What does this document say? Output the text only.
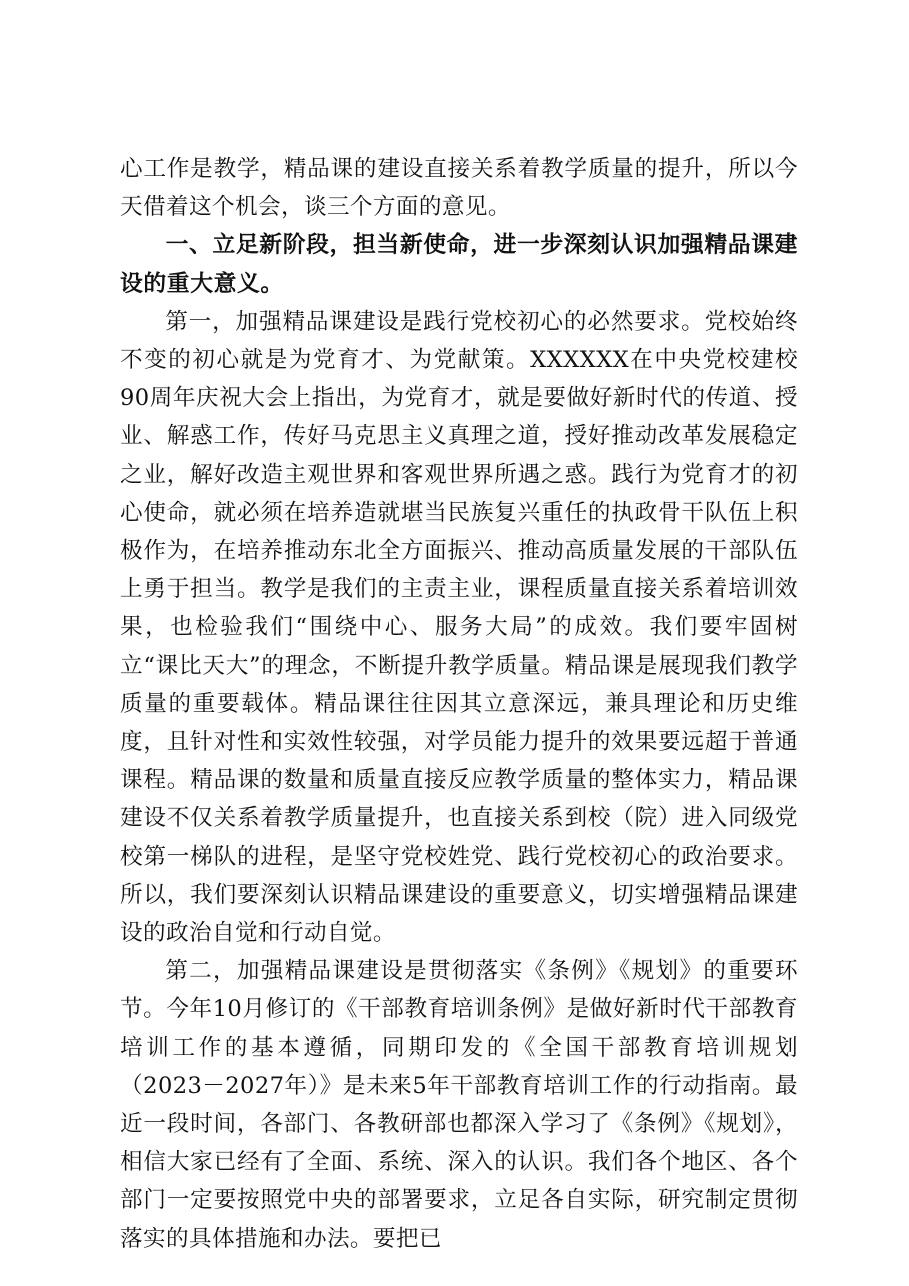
心工作是教学，精品课的建设直接关系着教学质量的提升，所以今天借着这个机会，谈三个方面的意见。

一、立足新阶段，担当新使命，进一步深刻认识加强精品课建设的重大意义。

第一，加强精品课建设是践行党校初心的必然要求。党校始终不变的初心就是为党育才、为党献策。XXXXXX在中央党校建校90周年庆祝大会上指出，为党育才，就是要做好新时代的传道、授业、解惑工作，传好马克思主义真理之道，授好推动改革发展稳定之业，解好改造主观世界和客观世界所遇之惑。践行为党育才的初心使命，就必须在培养造就堪当民族复兴重任的执政骨干队伍上积极作为，在培养推动东北全方面振兴、推动高质量发展的干部队伍上勇于担当。教学是我们的主责主业，课程质量直接关系着培训效果，也检验我们“围绕中心、服务大局”的成效。我们要牢固树立“课比天大”的理念，不断提升教学质量。精品课是展现我们教学质量的重要载体。精品课往往因其立意深远，兼具理论和历史维度，且针对性和实效性较强，对学员能力提升的效果要远超于普通课程。精品课的数量和质量直接反应教学质量的整体实力，精品课建设不仅关系着教学质量提升，也直接关系到校（院）进入同级党校第一梯队的进程，是坚守党校姓党、践行党校初心的政治要求。所以，我们要深刻认识精品课建设的重要意义，切实增强精品课建设的政治自觉和行动自觉。

第二，加强精品课建设是贯彻落实《条例》《规划》的重要环节。今年10月修订的《干部教育培训条例》是做好新时代干部教育培训工作的基本遵循，同期印发的《全国干部教育培训规划（2023－2027年）》是未来5年干部教育培训工作的行动指南。最近一段时间，各部门、各教研部也都深入学习了《条例》《规划》，相信大家已经有了全面、系统、深入的认识。我们各个地区、各个部门一定要按照党中央的部署要求，立足各自实际，研究制定贯彻落实的具体措施和办法。要把已
